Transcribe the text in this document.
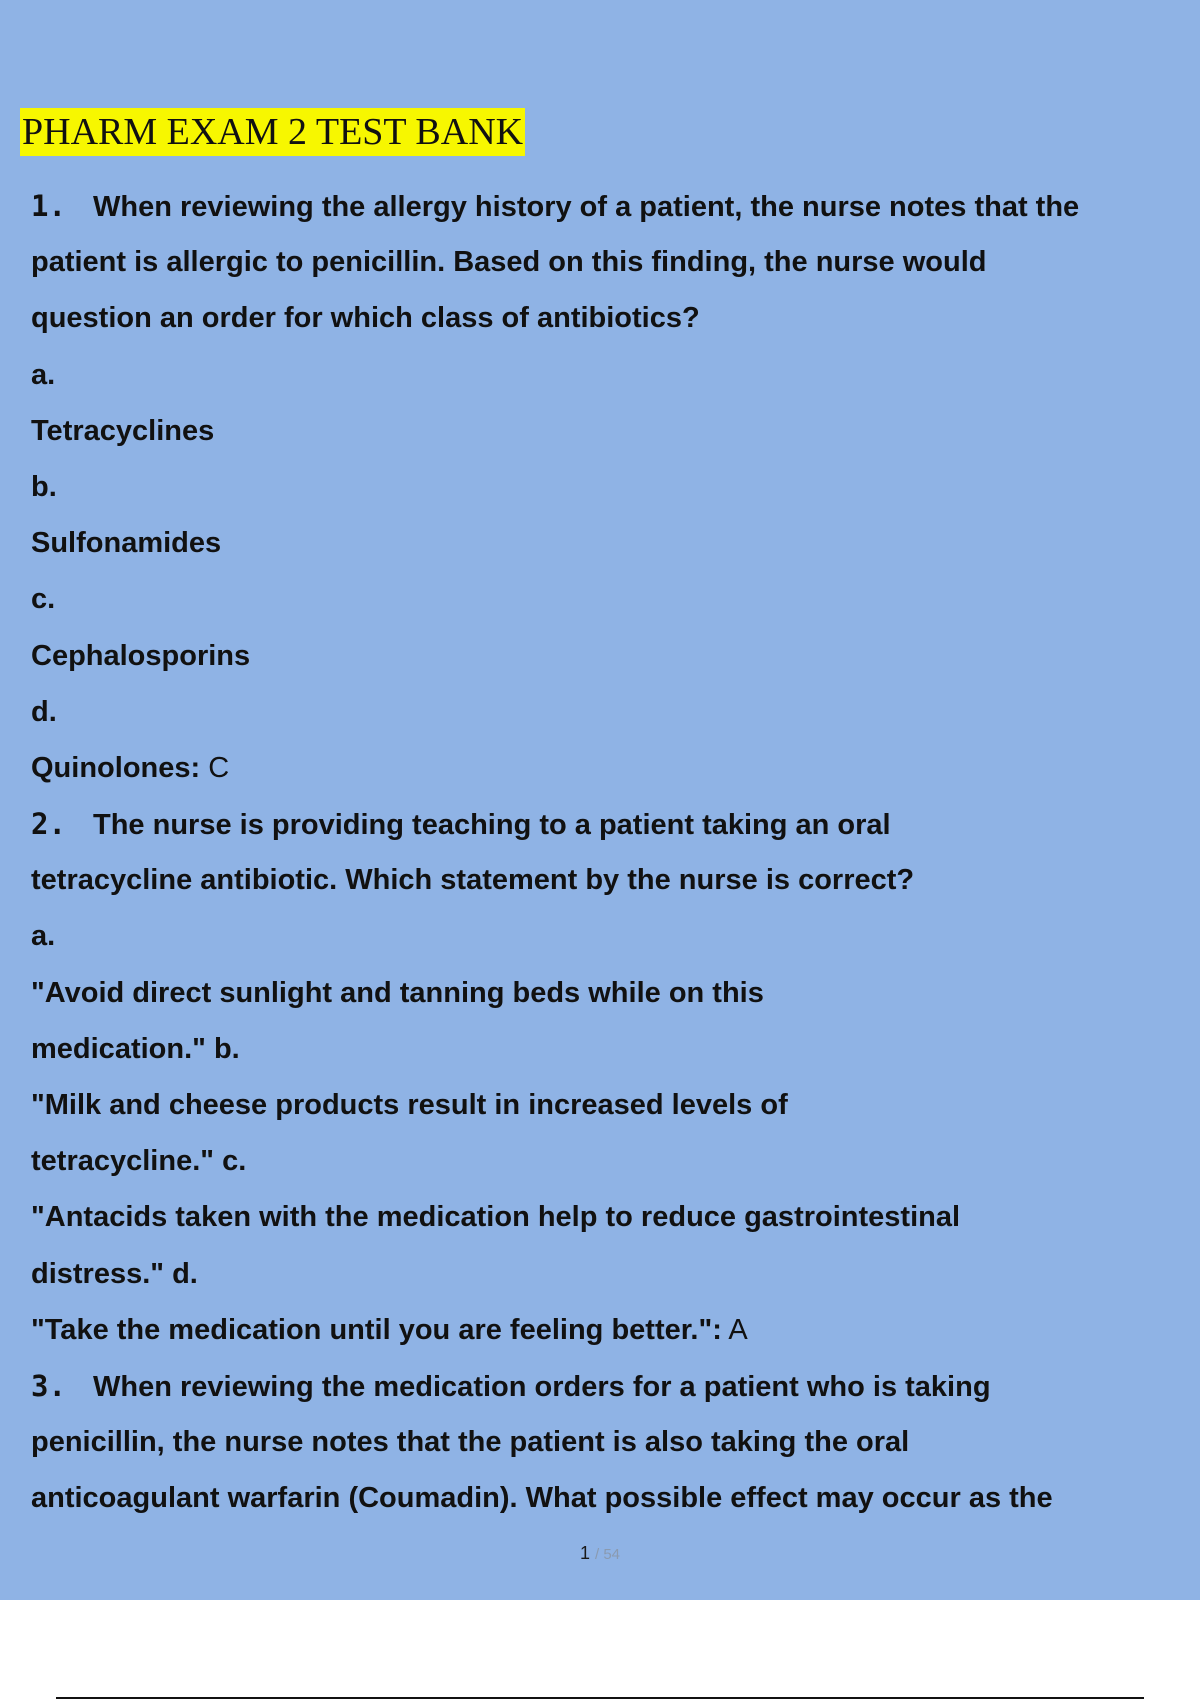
PHARM EXAM 2 TEST BANK
1. When reviewing the allergy history of a patient, the nurse notes that the
patient is allergic to penicillin. Based on this finding, the nurse would
question an order for which class of antibiotics?
a.
Tetracyclines
b.
Sulfonamides
c.
Cephalosporins
d.
Quinolones: C
2. The nurse is providing teaching to a patient taking an oral
tetracycline antibiotic. Which statement by the nurse is correct?
a.
"Avoid direct sunlight and tanning beds while on this
medication." b.
"Milk and cheese products result in increased levels of
tetracycline." c.
"Antacids taken with the medication help to reduce gastrointestinal
distress." d.
"Take the medication until you are feeling better.": A
3. When reviewing the medication orders for a patient who is taking
penicillin, the nurse notes that the patient is also taking the oral
anticoagulant warfarin (Coumadin). What possible effect may occur as the
1 / 54
